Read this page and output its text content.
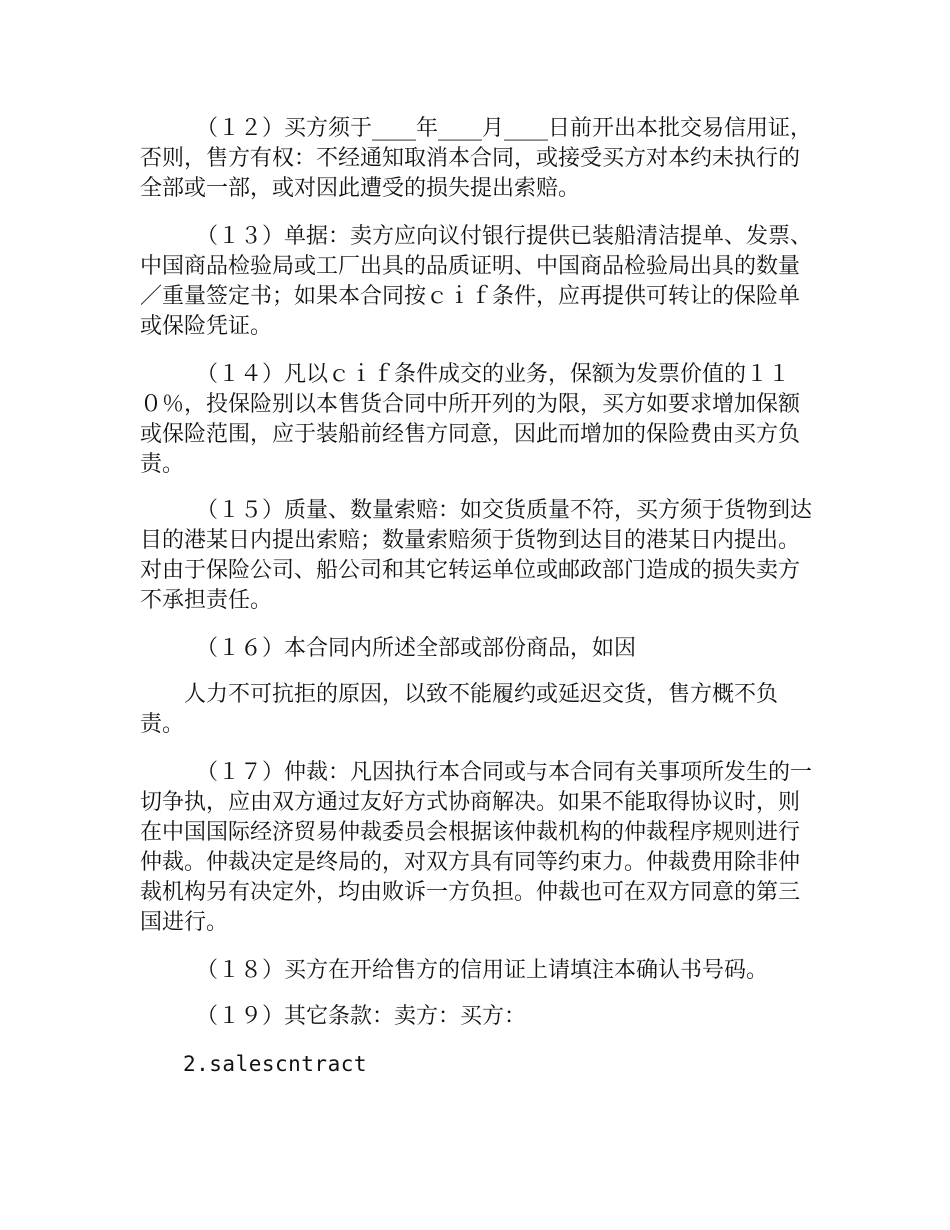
（１２）买方须于____年____月____日前开出本批交易信用证，否则，售方有权：不经通知取消本合同，或接受买方对本约未执行的全部或一部，或对因此遭受的损失提出索赔。
（１３）单据：卖方应向议付银行提供已装船清洁提单、发票、中国商品检验局或工厂出具的品质证明、中国商品检验局出具的数量／重量签定书；如果本合同按ｃｉｆ条件，应再提供可转让的保险单或保险凭证。
（１４）凡以ｃｉｆ条件成交的业务，保额为发票价值的１１０％，投保险别以本售货合同中所开列的为限，买方如要求增加保额或保险范围，应于装船前经售方同意，因此而增加的保险费由买方负责。
（１５）质量、数量索赔：如交货质量不符，买方须于货物到达目的港某日内提出索赔；数量索赔须于货物到达目的港某日内提出。对由于保险公司、船公司和其它转运单位或邮政部门造成的损失卖方不承担责任。
（１６）本合同内所述全部或部份商品，如因
人力不可抗拒的原因，以致不能履约或延迟交货，售方概不负责。
（１７）仲裁：凡因执行本合同或与本合同有关事项所发生的一切争执，应由双方通过友好方式协商解决。如果不能取得协议时，则在中国国际经济贸易仲裁委员会根据该仲裁机构的仲裁程序规则进行仲裁。仲裁决定是终局的，对双方具有同等约束力。仲裁费用除非仲裁机构另有决定外，均由败诉一方负担。仲裁也可在双方同意的第三国进行。
（１８）买方在开给售方的信用证上请填注本确认书号码。
（１９）其它条款：卖方：买方：
2.salescntract
